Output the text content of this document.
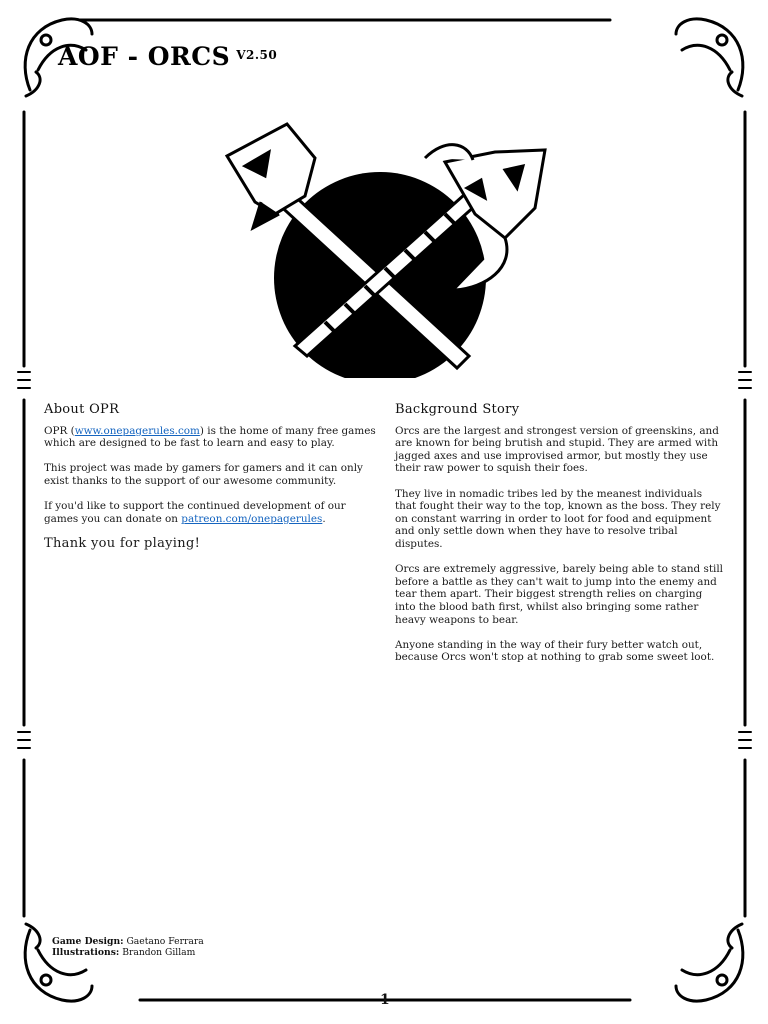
AOF - ORCS $^{V2.50}$
About OPR

OPR (www.onepagerules.com) is the home of many free games which are designed to be fast to learn and easy to play.

This project was made by gamers for gamers and it can only exist thanks to the support of our awesome community.

If you'd like to support the continued development of our games you can donate on patreon.com/onepagerules.

Thank you for playing!
Background Story

Orcs are the largest and strongest version of greenskins, and are known for being brutish and stupid. They are armed with jagged axes and use improvised armor, but mostly they use their raw power to squish their foes.

They live in nomadic tribes led by the meanest individuals that fought their way to the top, known as the boss. They rely on constant warring in order to loot for food and equipment and only settle down when they have to resolve tribal disputes.

Orcs are extremely aggressive, barely being able to stand still before a battle as they can't wait to jump into the enemy and tear them apart. Their biggest strength relies on charging into the blood bath first, whilst also bringing some rather heavy weapons to bear.

Anyone standing in the way of their fury better watch out, because Orcs won't stop at nothing to grab some sweet loot.

Game Design: Gaetano Ferrara
Illustrations: Brandon Gillam
1
